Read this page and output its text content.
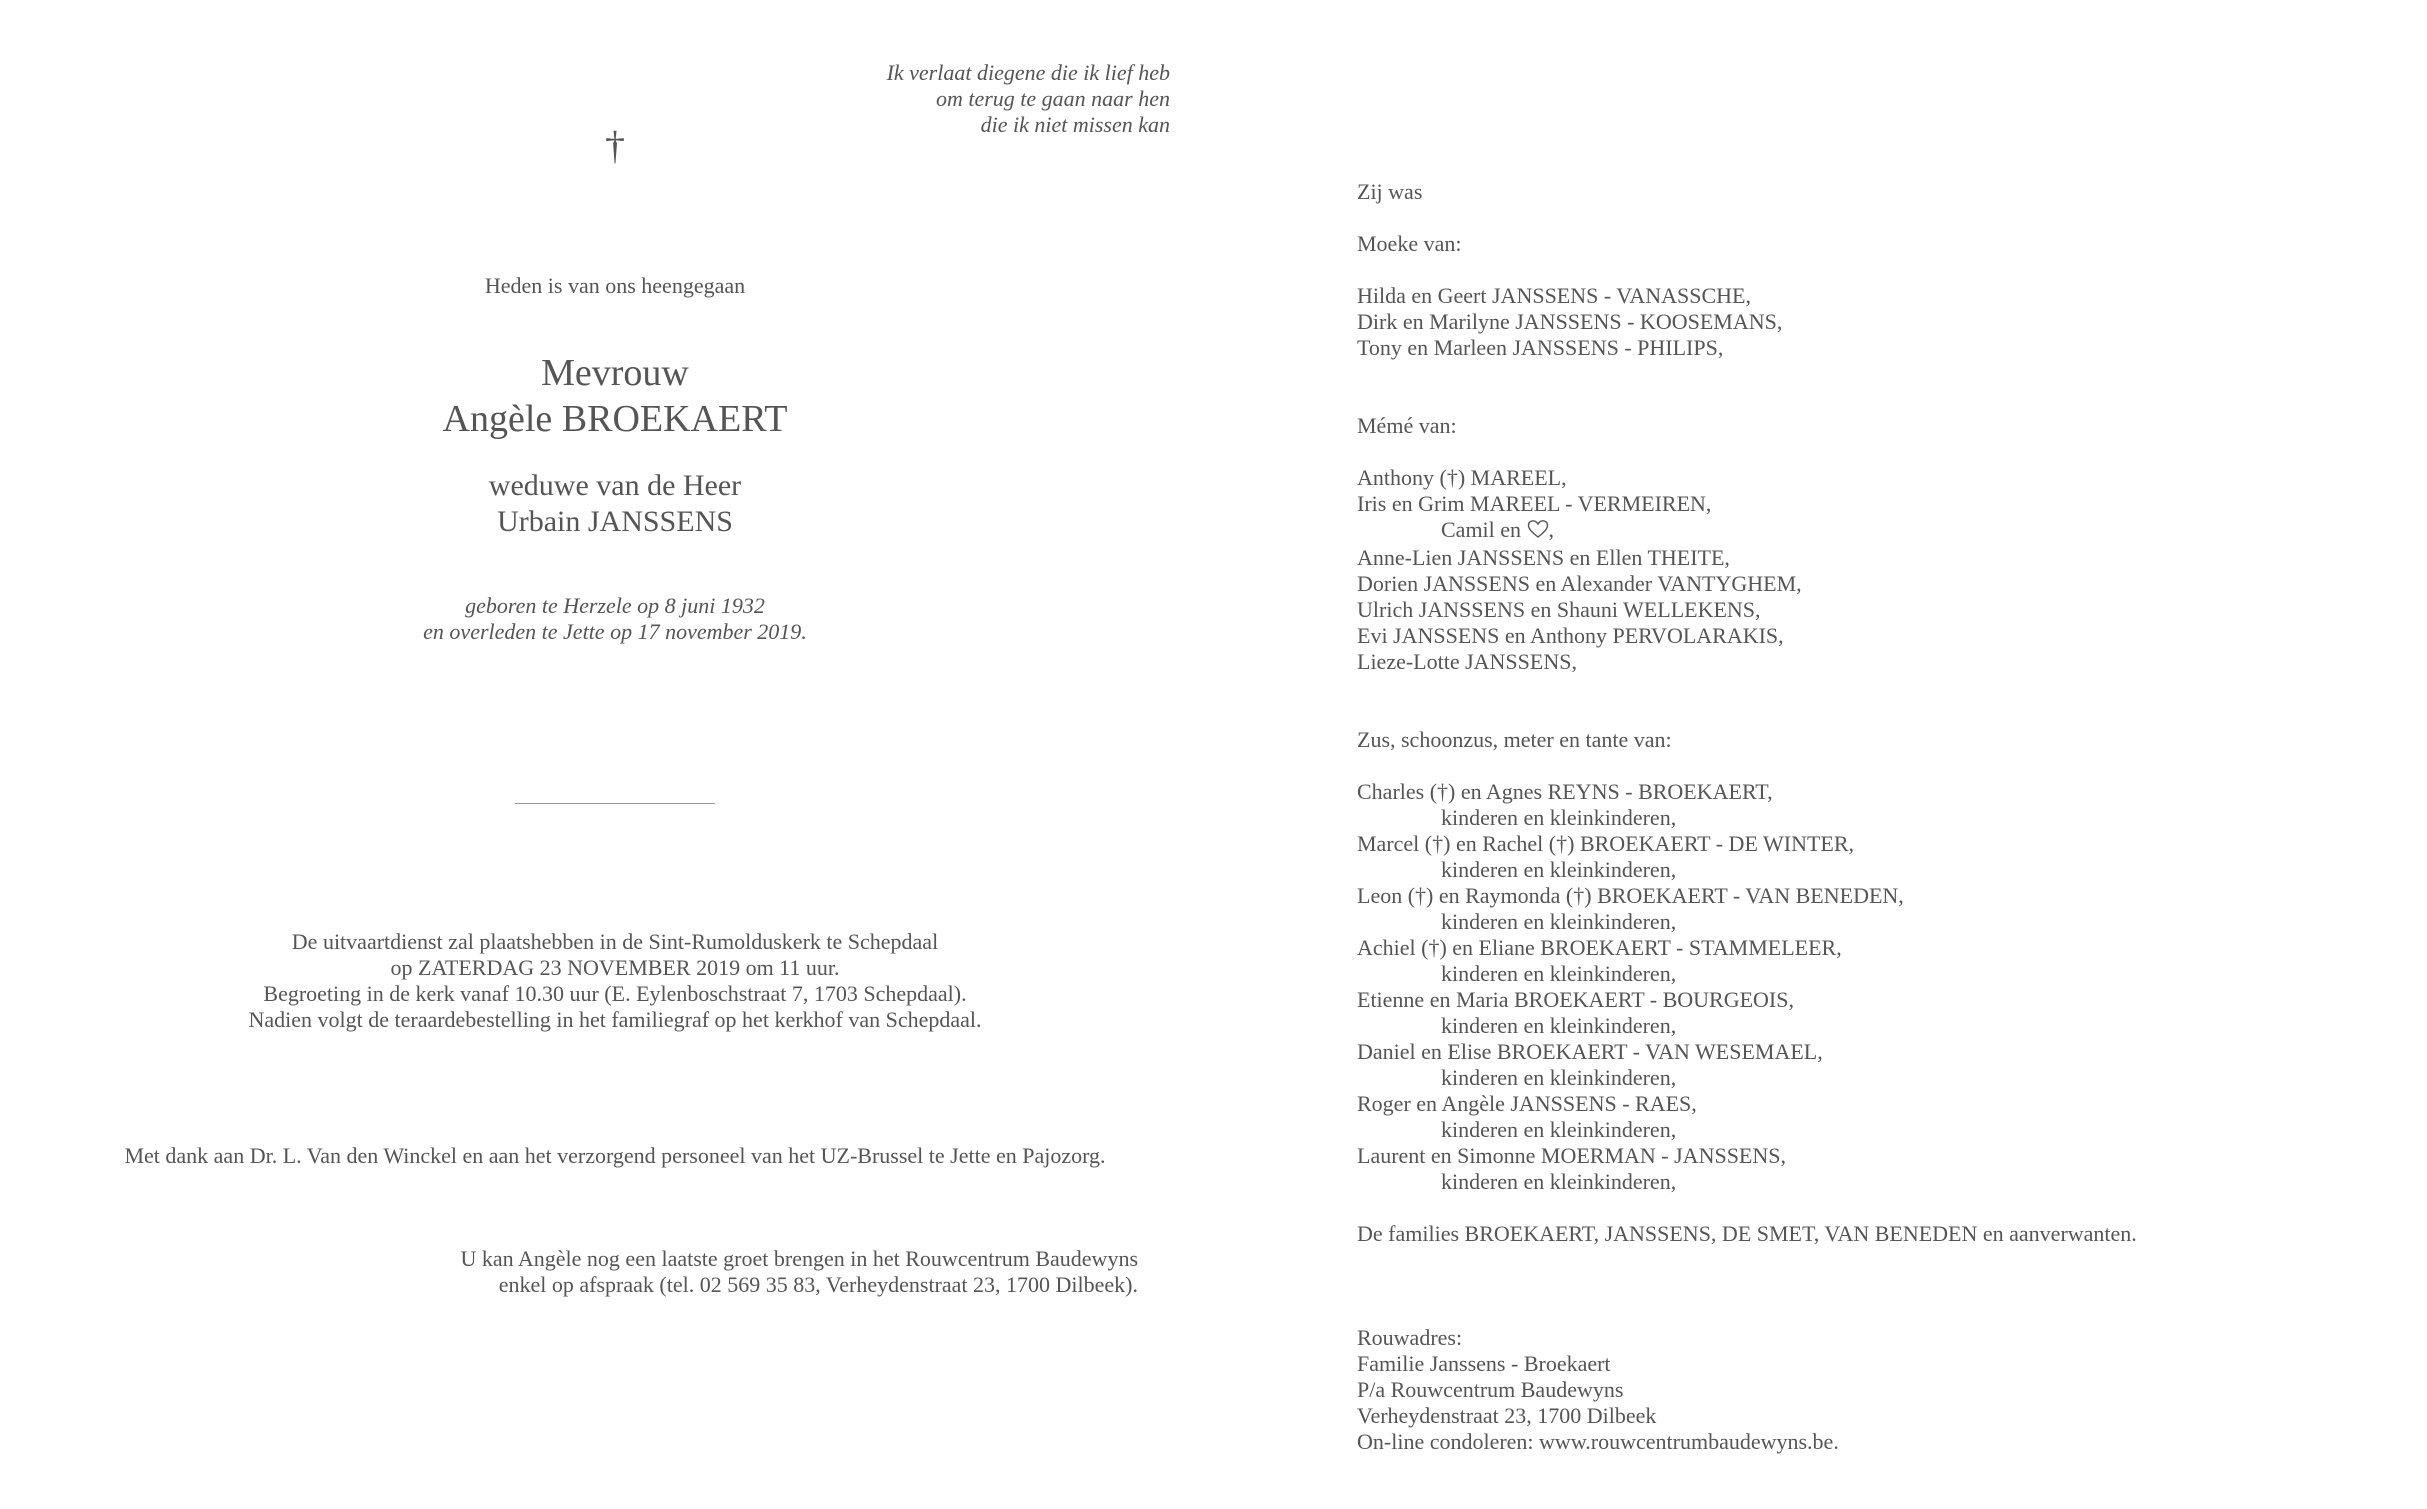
Ik verlaat diegene die ik lief heb
om terug te gaan naar hen
die ik niet missen kan
†
Heden is van ons heengegaan
Mevrouw
Angèle BROEKAERT
weduwe van de Heer
Urbain JANSSENS
geboren te Herzele op 8 juni 1932
en overleden te Jette op 17 november 2019.
De uitvaartdienst zal plaatshebben in de Sint-Rumolduskerk te Schepdaal
op ZATERDAG 23 NOVEMBER 2019 om 11 uur.
Begroeting in de kerk vanaf 10.30 uur (E. Eylenboschstraat 7, 1703 Schepdaal).
Nadien volgt de teraardebestelling in het familiegraf op het kerkhof van Schepdaal.
Met dank aan Dr. L. Van den Winckel en aan het verzorgend personeel van het UZ-Brussel te Jette en Pajozorg.
U kan Angèle nog een laatste groet brengen in het Rouwcentrum Baudewyns
enkel op afspraak (tel. 02 569 35 83, Verheydenstraat 23, 1700 Dilbeek).
Zij was
Moeke van:
Hilda en Geert JANSSENS - VANASSCHE,
Dirk en Marilyne JANSSENS - KOOSEMANS,
Tony en Marleen JANSSENS - PHILIPS,
Mémé van:
Anthony (†) MAREEL,
Iris en Grim MAREEL - VERMEIREN,
Camil en ,
Anne-Lien JANSSENS en Ellen THEITE,
Dorien JANSSENS en Alexander VANTYGHEM,
Ulrich JANSSENS en Shauni WELLEKENS,
Evi JANSSENS en Anthony PERVOLARAKIS,
Lieze-Lotte JANSSENS,
Zus, schoonzus, meter en tante van:
Charles (†) en Agnes REYNS - BROEKAERT,
kinderen en kleinkinderen,
Marcel (†) en Rachel (†) BROEKAERT - DE WINTER,
kinderen en kleinkinderen,
Leon (†) en Raymonda (†) BROEKAERT - VAN BENEDEN,
kinderen en kleinkinderen,
Achiel (†) en Eliane BROEKAERT - STAMMELEER,
kinderen en kleinkinderen,
Etienne en Maria BROEKAERT - BOURGEOIS,
kinderen en kleinkinderen,
Daniel en Elise BROEKAERT - VAN WESEMAEL,
kinderen en kleinkinderen,
Roger en Angèle JANSSENS - RAES,
kinderen en kleinkinderen,
Laurent en Simonne MOERMAN - JANSSENS,
kinderen en kleinkinderen,
De families BROEKAERT, JANSSENS, DE SMET, VAN BENEDEN en aanverwanten.
Rouwadres:
Familie Janssens - Broekaert
P/a Rouwcentrum Baudewyns
Verheydenstraat 23, 1700 Dilbeek
On-line condoleren: www.rouwcentrumbaudewyns.be.
